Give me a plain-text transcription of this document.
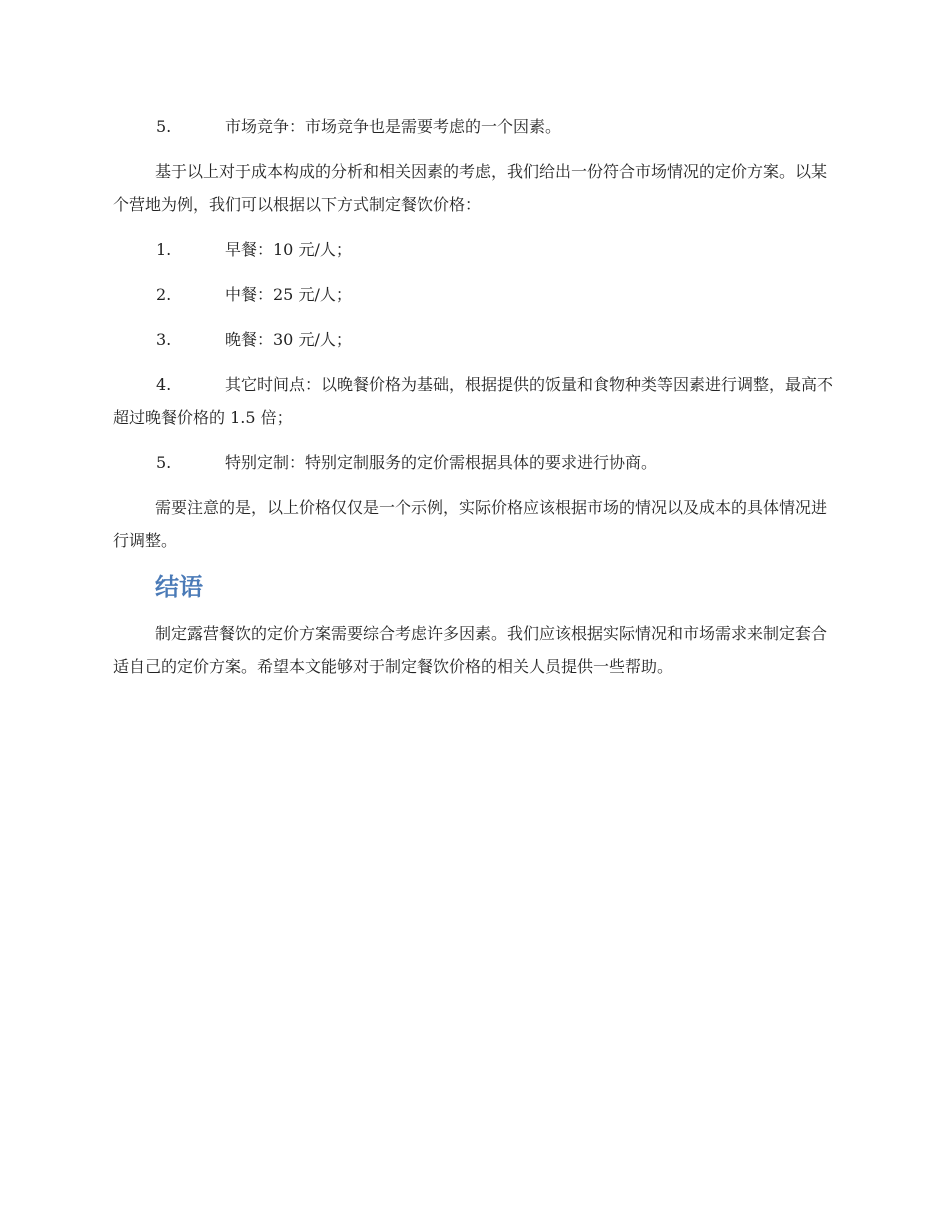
5.	市场竞争：市场竞争也是需要考虑的一个因素。
基于以上对于成本构成的分析和相关因素的考虑，我们给出一份符合市场情况的定价方案。以某个营地为例，我们可以根据以下方式制定餐饮价格：
1.	早餐：10 元/人；
2.	中餐：25 元/人；
3.	晚餐：30 元/人；
4.	其它时间点：以晚餐价格为基础，根据提供的饭量和食物种类等因素进行调整，最高不超过晚餐价格的 1.5 倍；
5.	特别定制：特别定制服务的定价需根据具体的要求进行协商。
需要注意的是，以上价格仅仅是一个示例，实际价格应该根据市场的情况以及成本的具体情况进行调整。
结语
制定露营餐饮的定价方案需要综合考虑许多因素。我们应该根据实际情况和市场需求来制定套合适自己的定价方案。希望本文能够对于制定餐饮价格的相关人员提供一些帮助。
